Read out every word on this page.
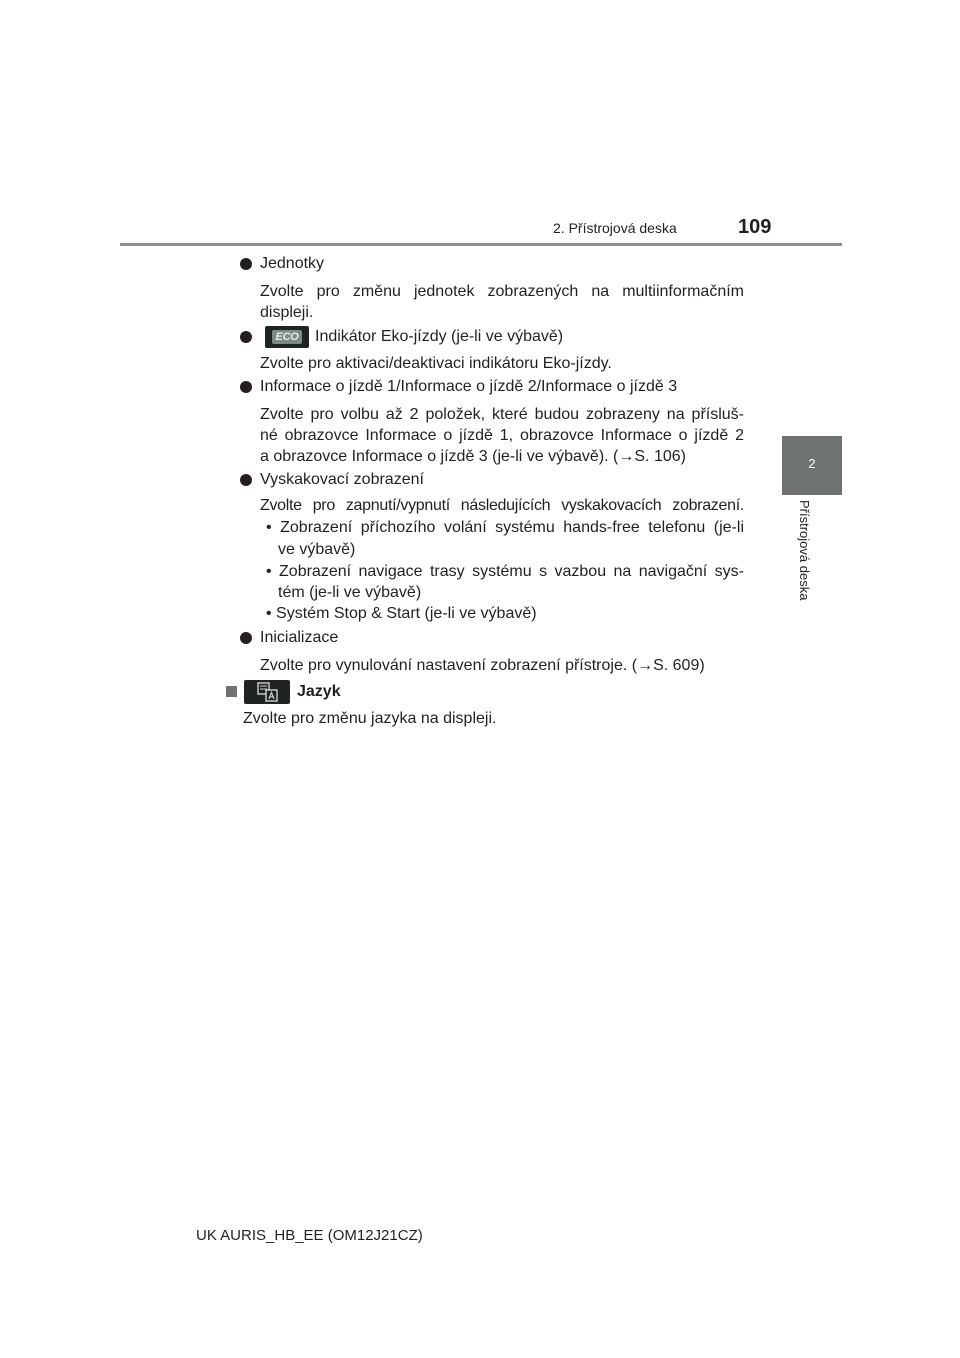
2. Přístrojová deska	109
2
Přístrojová deska
Jednotky
Zvolte pro změnu jednotek zobrazených na multiinformačním
displeji.
ECO Indikátor Eko-jízdy (je-li ve výbavě)
Zvolte pro aktivaci/deaktivaci indikátoru Eko-jízdy.
Informace o jízdě 1/Informace o jízdě 2/Informace o jízdě 3
Zvolte pro volbu až 2 položek, které budou zobrazeny na přísluš-
né obrazovce Informace o jízdě 1, obrazovce Informace o jízdě 2
a obrazovce Informace o jízdě 3 (je-li ve výbavě). (→S. 106)
Vyskakovací zobrazení
Zvolte pro zapnutí/vypnutí následujících vyskakovacích zobrazení.
• Zobrazení příchozího volání systému hands-free telefonu (je-li
ve výbavě)
• Zobrazení navigace trasy systému s vazbou na navigační sys-
tém (je-li ve výbavě)
• Systém Stop & Start (je-li ve výbavě)
Inicializace
Zvolte pro vynulování nastavení zobrazení přístroje. (→S. 609)
Jazyk
Zvolte pro změnu jazyka na displeji.
UK AURIS_HB_EE (OM12J21CZ)
